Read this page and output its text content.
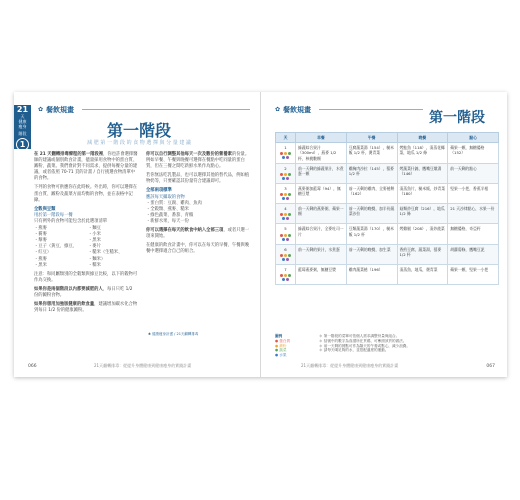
21
天
健康
瘦身
階段
1
✿ 餐飲規畫
第一階段
減 肥 第 一 階 段 的 食 物 選 擇 與 分 量 建 議

在 21 天翻轉排毒療程的第一階段裡，你也許會選擇醫師的建議或個別飲食計畫，儘量採用食物中的蛋白質、澱粉、蔬菜。我們會針對不同需求，提供每餐分量的建議，或者依照 70-71 頁的計畫 / 自行挑選食物清單中的食物。

下列的食物可供應你在此時候。外出時，你可以選擇在蛋白質、澱粉及蔬菜方面均衡的食物，並在表格中記錄。

全穀與豆類
用於第一階段每一餐
只有例外的食物可能包含於此選項清單
・燕麥	・麵豆
・蕎麥	・小米
・藜麥	・黑米
・豆子（黃豆、綠豆、	・麥片
・紅豆）	・糙米（生糙米、
・燕麥	・麵米）
・黑米	・糯米

注意：和同屬類別的全穀類與綠豆比較，以下的穀物可作為交換。

如果你是兩個階段以內都要減肥的人，每日只吃 1/2 份的澱粉食物。

如果你想用加強版健康的飲食量，建議增加碳水化合物到每日 1/2 份的健康澱粉。

你可以自行調整其他每天一次及數份的營養素的份量。例如早餐、午餐與晚餐可選擇在餐點中吃同量的蛋白質，但在三餐之間吃新鮮水果作為點心。

若你無法吃乳製品，也可以選擇其他的替代品，例如植物奶等，只要確認其份量符合建議即可。

全部兩項標準
應該每天攝取的食物
・蛋白質：豆腐、雞肉、魚肉
・全穀類、燕麥、糙米
・綠色蔬菜、番茄、青椒
・新鮮水果，每天一份

你可以選擇在每天的飲食中納入全部三項，或者只選一項來開始。

在健康的飲食計畫中，你可以在每天的早餐、午餐與晚餐中選擇適合自己的組合。

❀ 健康瘦身計畫 / 21天翻轉排毒
066	21天翻轉排毒：從提升身體健康到健康瘦身的實踐計畫
✿ 餐飲規畫	第一階段
天	早餐	午餐	晚餐	點心
1	綠蔬綜合果汁（300ml），燕麥 1/2 杯，核桃數顆	豆腐蔬菜湯（154），糙米飯 1/2 杯，燙青菜	烤鮭魚（118），清蒸花椰菜，地瓜 1/2 條	蘋果一顆，無糖優格（152）
2	前一天剩的綠蔬果汁，水煮蛋一顆	雞胸肉沙拉（145），藜麥 1/2 杯	烤蔬菜什錦，鷹嘴豆燉湯（146）	前一天剩的點心
3	燕麥粥加藍莓（94），無糖豆漿	前一天剩的雞肉，全麥捲餅（162）	清蒸魚片，糙米飯，炒青菜（180）	堅果一小把，香蕉半根
4	前一天剩的燕麥粥，蘋果一顆	前一天剩的晚餐，加半份蔬菜沙拉	菇類炒豆腐（216），地瓜 1/2 條	21 天沙律點心，水果一份
5	綠蔬綜合果汁，全麥吐司一片	豆類蔬菜湯（170），糙米飯 1/2 杯	烤雞腿（208），清炒菠菜	無糖優格，奇亞籽
6	前一天剩的果汁，水煮蛋	前一天剩的晚餐，加生菜	香煎豆腐，蔬菜湯，藜麥 1/2 杯	胡蘿蔔條，鷹嘴豆泥
7	藍莓燕麥粥，無糖豆漿	雞肉蔬菜捲（196）	清蒸魚，地瓜，燙青菜	蘋果一顆，堅果一小把
圖例
● 蛋白質
● 澱粉
● 蔬菜
● 水果
＊ 第一階段的菜單可依個人需求調整份量與組合。
＊ 括號中的數字為食譜所在頁碼，可參照該頁的做法。
＊ 前一天剩的餐點可作為隔天的午餐或點心，減少浪費。
＊ 請每天喝足夠的水，並搭配適度的運動。
21天翻轉排毒：從提升身體健康到健康瘦身的實踐計畫	067
